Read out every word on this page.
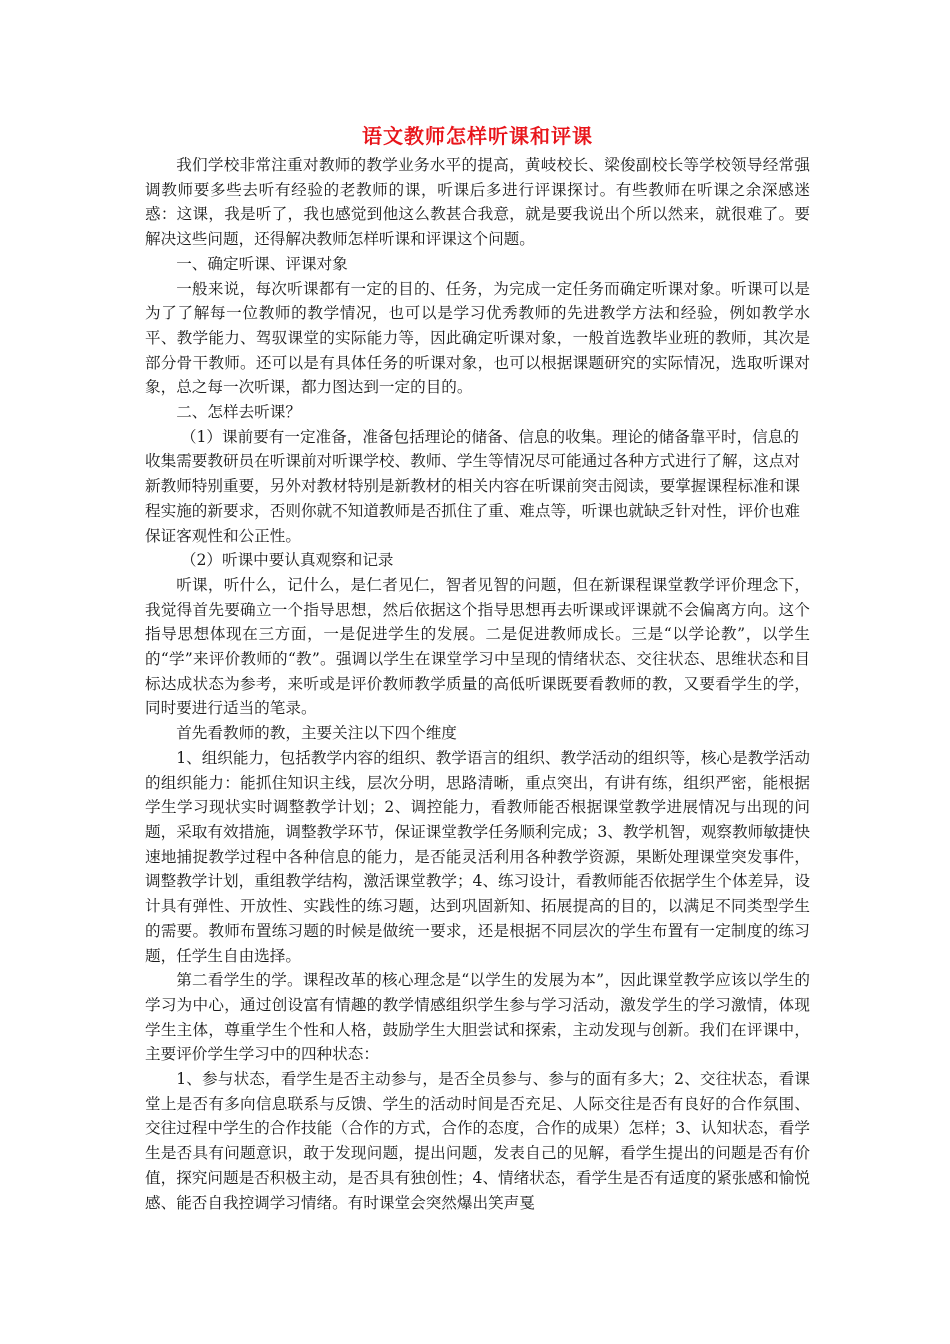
语文教师怎样听课和评课

我们学校非常注重对教师的教学业务水平的提高，黄岐校长、梁俊副校长等学校领导经常强调教师要多些去听有经验的老教师的课，听课后多进行评课探讨。有些教师在听课之余深感迷惑：这课，我是听了，我也感觉到他这么教甚合我意，就是要我说出个所以然来，就很难了。要解决这些问题，还得解决教师怎样听课和评课这个问题。

一、确定听课、评课对象

一般来说，每次听课都有一定的目的、任务，为完成一定任务而确定听课对象。听课可以是为了了解每一位教师的教学情况，也可以是学习优秀教师的先进教学方法和经验，例如教学水平、教学能力、驾驭课堂的实际能力等，因此确定听课对象，一般首选教毕业班的教师，其次是部分骨干教师。还可以是有具体任务的听课对象，也可以根据课题研究的实际情况，选取听课对象，总之每一次听课，都力图达到一定的目的。

二、怎样去听课？

（1）课前要有一定准备，准备包括理论的储备、信息的收集。理论的储备靠平时，信息的收集需要教研员在听课前对听课学校、教师、学生等情况尽可能通过各种方式进行了解，这点对新教师特别重要，另外对教材特别是新教材的相关内容在听课前突击阅读，要掌握课程标准和课程实施的新要求，否则你就不知道教师是否抓住了重、难点等，听课也就缺乏针对性，评价也难保证客观性和公正性。

（2）听课中要认真观察和记录

听课，听什么，记什么，是仁者见仁，智者见智的问题，但在新课程课堂教学评价理念下，我觉得首先要确立一个指导思想，然后依据这个指导思想再去听课或评课就不会偏离方向。这个指导思想体现在三方面，一是促进学生的发展。二是促进教师成长。三是“以学论教”，以学生的“学”来评价教师的“教”。强调以学生在课堂学习中呈现的情绪状态、交往状态、思维状态和目标达成状态为参考，来听或是评价教师教学质量的高低听课既要看教师的教，又要看学生的学，同时要进行适当的笔录。

首先看教师的教，主要关注以下四个维度

1、组织能力，包括教学内容的组织、教学语言的组织、教学活动的组织等，核心是教学活动的组织能力：能抓住知识主线，层次分明，思路清晰，重点突出，有讲有练，组织严密，能根据学生学习现状实时调整教学计划；2、调控能力，看教师能否根据课堂教学进展情况与出现的问题，采取有效措施，调整教学环节，保证课堂教学任务顺利完成；3、教学机智，观察教师敏捷快速地捕捉教学过程中各种信息的能力，是否能灵活利用各种教学资源，果断处理课堂突发事件，调整教学计划，重组教学结构，激活课堂教学；4、练习设计，看教师能否依据学生个体差异，设计具有弹性、开放性、实践性的练习题，达到巩固新知、拓展提高的目的，以满足不同类型学生的需要。教师布置练习题的时候是做统一要求，还是根据不同层次的学生布置有一定制度的练习题，任学生自由选择。

第二看学生的学。课程改革的核心理念是“以学生的发展为本”，因此课堂教学应该以学生的学习为中心，通过创设富有情趣的教学情感组织学生参与学习活动，激发学生的学习激情，体现学生主体，尊重学生个性和人格，鼓励学生大胆尝试和探索，主动发现与创新。我们在评课中，主要评价学生学习中的四种状态：

1、参与状态，看学生是否主动参与，是否全员参与、参与的面有多大；2、交往状态，看课堂上是否有多向信息联系与反馈、学生的活动时间是否充足、人际交往是否有良好的合作氛围、交往过程中学生的合作技能（合作的方式，合作的态度，合作的成果）怎样；3、认知状态，看学生是否具有问题意识，敢于发现问题，提出问题，发表自己的见解，看学生提出的问题是否有价值，探究问题是否积极主动，是否具有独创性；4、情绪状态，看学生是否有适度的紧张感和愉悦感、能否自我控调学习情绪。有时课堂会突然爆出笑声戛
